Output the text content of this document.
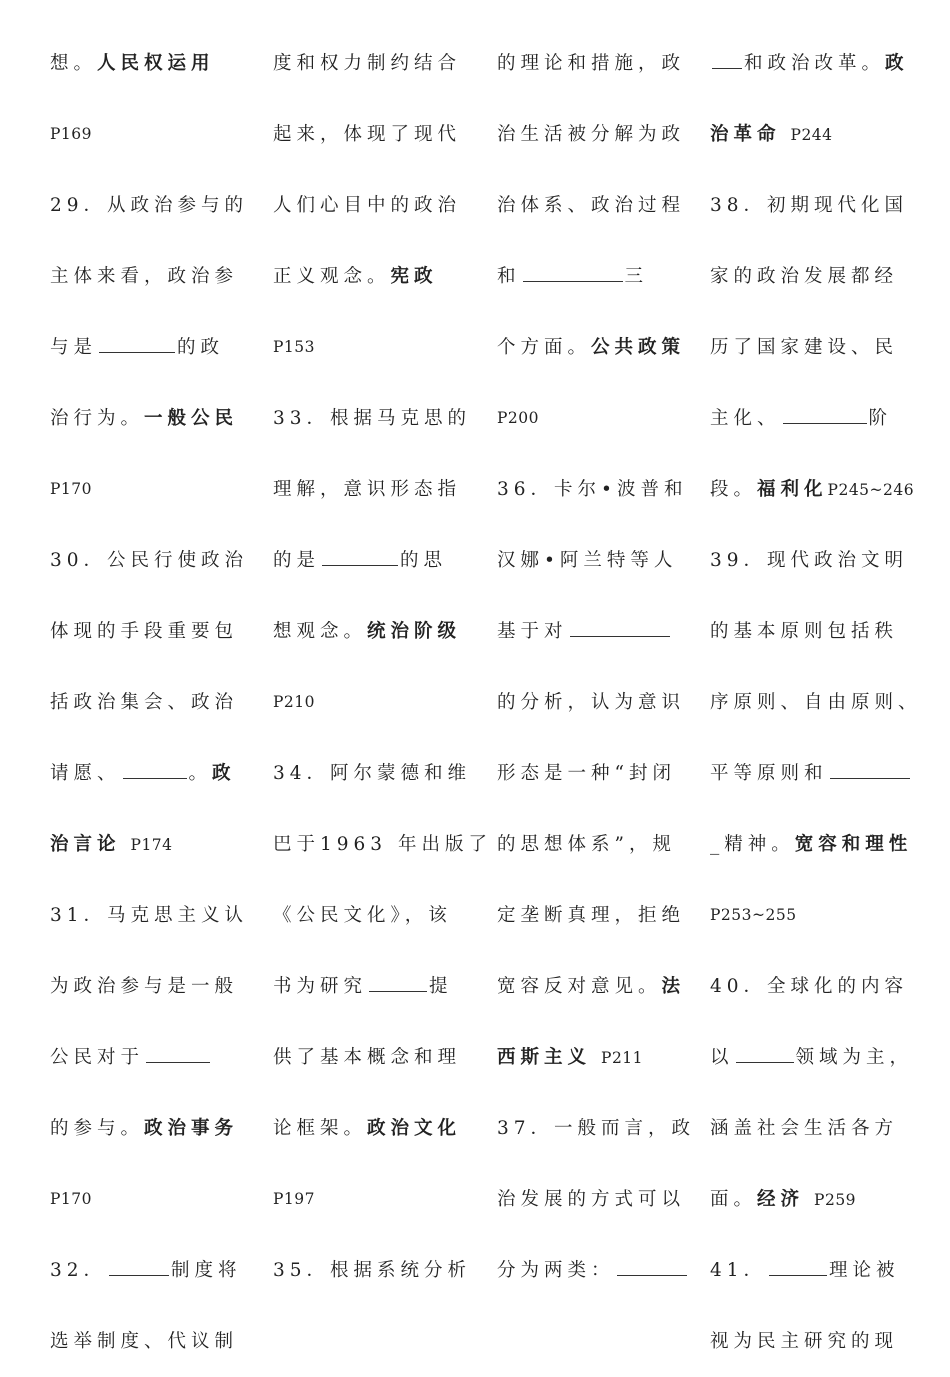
想。人民权运用
P169
29．从政治参与的
主体来看，政治参
与是	的政
治行为。一般公民
P170
30．公民行使政治
体现的手段重要包
括政治集会、政治
请愿、	。政
治言论 P174
31．马克思主义认
为政治参与是一般
公民对于
的参与。政治事务
P170
32．	制度将
选举制度、代议制
度和权力制约结合
起来，体现了现代
人们心目中的政治
正义观念。宪政
P153
33．根据马克思的
理解，意识形态指
的是	的思
想观念。统治阶级
P210
34．阿尔蒙德和维
巴于1963 年出版了
《公民文化》，该
书为研究	提
供了基本概念和理
论框架。政治文化
P197
35．根据系统分析
的理论和措施，政
治生活被分解为政
治体系、政治过程
和	三
个方面。公共政策
P200
36．卡尔•波普和
汉娜•阿兰特等人
基于对
的分析，认为意识
形态是一种“封闭
的思想体系”，规
定垄断真理，拒绝
宽容反对意见。法
西斯主义 P211
37．一般而言，政
治发展的方式可以
分为两类：
和政治改革。政
治革命 P244
38．初期现代化国
家的政治发展都经
历了国家建设、民
主化、	阶
段。福利化P245~246
39．现代政治文明
的基本原则包括秩
序原则、自由原则、
平等原则和
_精神。宽容和理性
P253~255
40．全球化的内容
以	领域为主，
涵盖社会生活各方
面。经济 P259
41．	理论被
视为民主研究的现
